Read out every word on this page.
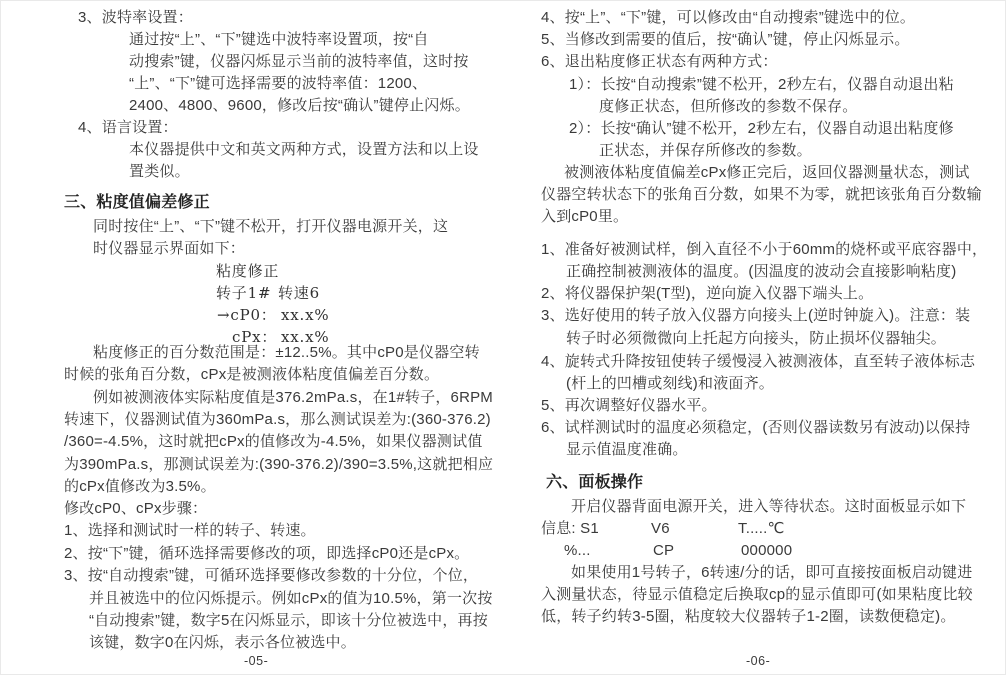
3、波特率设置：
通过按“上”、“下”键选中波特率设置项，按“自
动搜索”键，仪器闪烁显示当前的波特率值，这时按
“上”、“下”键可选择需要的波特率值：1200、
2400、4800、9600，修改后按“确认”键停止闪烁。
4、语言设置：
本仪器提供中文和英文两种方式，设置方法和以上设
置类似。
三、粘度值偏差修正
同时按住“上”、“下”键不松开，打开仪器电源开关，这
时仪器显示界面如下：
粘度修正
转子1# 转速6
→cP0： xx.x%
cPx： xx.x%
粘度修正的百分数范围是：±12..5%。其中cP0是仪器空转
时候的张角百分数，cPx是被测液体粘度值偏差百分数。
例如被测液体实际粘度值是376.2mPa.s，在1#转子，6RPM
转速下，仪器测试值为360mPa.s，那么测试误差为:(360-376.2)
/360=-4.5%，这时就把cPx的值修改为-4.5%，如果仪器测试值
为390mPa.s，那测试误差为:(390-376.2)/390=3.5%,这就把相应
的cPx值修改为3.5%。
修改cP0、cPx步骤：
1、选择和测试时一样的转子、转速。
2、按“下”键，循环选择需要修改的项，即选择cP0还是cPx。
3、按“自动搜索”键，可循环选择要修改参数的十分位，个位，
并且被选中的位闪烁提示。例如cPx的值为10.5%，第一次按
“自动搜索”键，数字5在闪烁显示，即该十分位被选中，再按
该键，数字0在闪烁，表示各位被选中。
-05-
4、按“上”、“下”键，可以修改由“自动搜索”键选中的位。
5、当修改到需要的值后，按“确认”键，停止闪烁显示。
6、退出粘度修正状态有两种方式：
1）：长按“自动搜索”键不松开，2秒左右，仪器自动退出粘
度修正状态，但所修改的参数不保存。
2）：长按“确认”键不松开，2秒左右，仪器自动退出粘度修
正状态，并保存所修改的参数。
被测液体粘度值偏差cPx修正完后，返回仪器测量状态，测试
仪器空转状态下的张角百分数，如果不为零，就把该张角百分数输
入到cP0里。
1、准备好被测试样，倒入直径不小于60mm的烧杯或平底容器中，
正确控制被测液体的温度。(因温度的波动会直接影响粘度)
2、将仪器保护架(T型)，逆向旋入仪器下端头上。
3、选好使用的转子放入仪器方向接头上(逆时钟旋入)。注意：装
转子时必须微微向上托起方向接头，防止损坏仪器轴尖。
4、旋转式升降按钮使转子缓慢浸入被测液体，直至转子液体标志
(杆上的凹槽或刻线)和液面齐。
5、再次调整好仪器水平。
6、试样测试时的温度必须稳定，(否则仪器读数另有波动)以保持
显示值温度准确。
六、面板操作
开启仪器背面电源开关，进入等待状态。这时面板显示如下
信息: S1	V6	T.....℃
%...	CP	000000
如果使用1号转子，6转速/分的话，即可直接按面板启动键进
入测量状态，待显示值稳定后换取cp的显示值即可(如果粘度比较
低，转子约转3-5圈，粘度较大仪器转子1-2圈，读数便稳定)。
-06-
